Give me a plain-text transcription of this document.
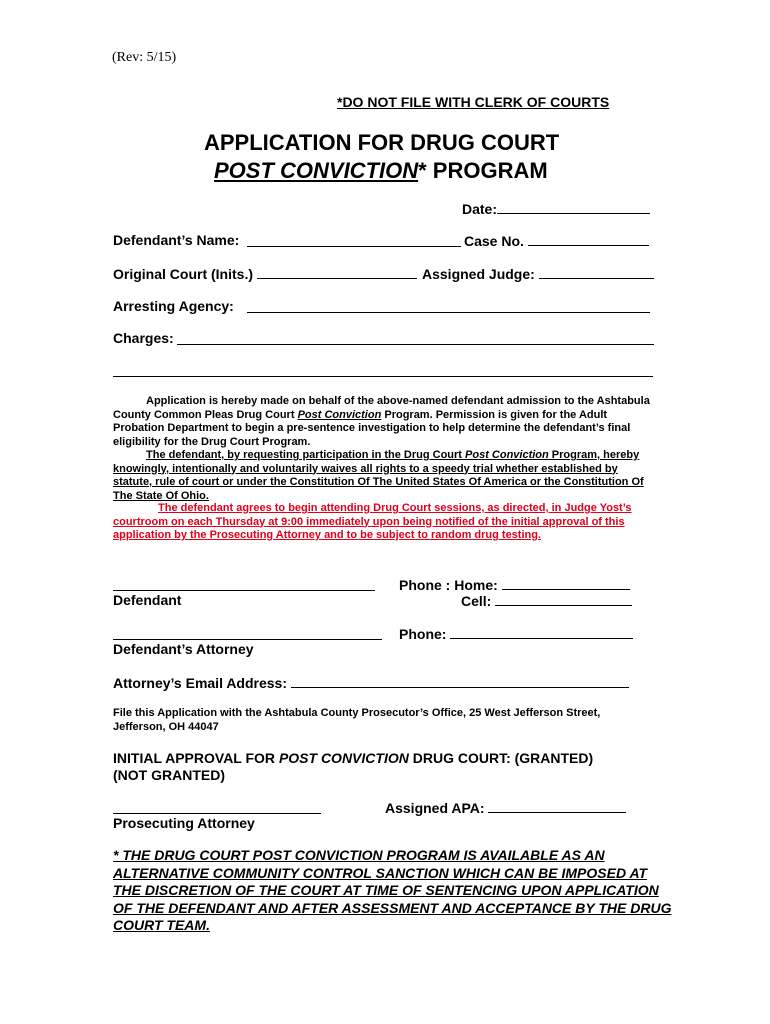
(Rev: 5/15)
*DO NOT FILE WITH CLERK OF COURTS
APPLICATION FOR DRUG COURT
POST CONVICTION* PROGRAM
Date:
Defendant’s Name:	Case No.
Original Court (Inits.)	Assigned Judge:
Arresting Agency:
Charges:
Application is hereby made on behalf of the above-named defendant admission to the Ashtabula County Common Pleas Drug Court Post Conviction Program. Permission is given for the Adult Probation Department to begin a pre-sentence investigation to help determine the defendant’s final eligibility for the Drug Court Program.
The defendant, by requesting participation in the Drug Court Post Conviction Program, hereby knowingly, intentionally and voluntarily waives all rights to a speedy trial whether established by statute, rule of court or under the Constitution Of The United States Of America or the Constitution Of The State Of Ohio.
The defendant agrees to begin attending Drug Court sessions, as directed, in Judge Yost’s courtroom on each Thursday at 9:00 immediately upon being notified of the initial approval of this application by the Prosecuting Attorney and to be subject to random drug testing.
Defendant
Phone : Home:
Cell:
Phone:
Defendant’s Attorney
Attorney’s Email Address:
File this Application with the Ashtabula County Prosecutor’s Office, 25 West Jefferson Street, Jefferson, OH 44047
INITIAL APPROVAL FOR POST CONVICTION DRUG COURT: (GRANTED)
(NOT GRANTED)
Assigned APA:
Prosecuting Attorney
* THE DRUG COURT POST CONVICTION PROGRAM IS AVAILABLE AS AN ALTERNATIVE COMMUNITY CONTROL SANCTION WHICH CAN BE IMPOSED AT THE DISCRETION OF THE COURT AT TIME OF SENTENCING UPON APPLICATION OF THE DEFENDANT AND AFTER ASSESSMENT AND ACCEPTANCE BY THE DRUG COURT TEAM.
